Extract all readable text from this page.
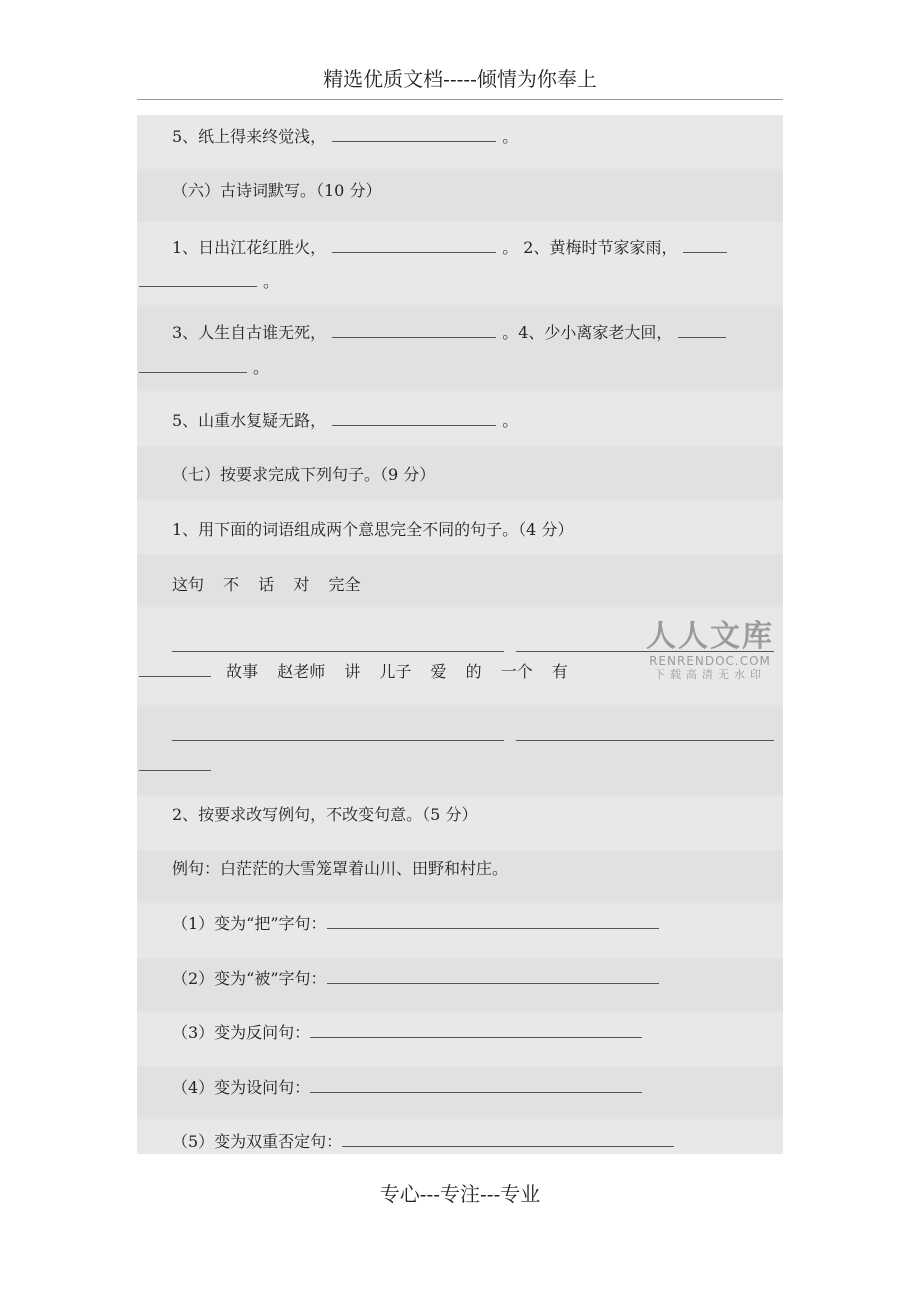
精选优质文档-----倾情为你奉上
5、纸上得来终觉浅，	。
（六）古诗词默写。（10 分）
1、日出江花红胜火，	。 2、黄梅时节家家雨，
。
3、人生自古谁无死，	。4、少小离家老大回，
。
5、山重水复疑无路，	。
（七）按要求完成下列句子。（9 分）
1、用下面的词语组成两个意思完全不同的句子。（4 分）
这句 不 话 对 完全
故事 赵老师 讲 儿子 爱 的 一个 有
人人文库
RENRENDOC.COM
下载高清无水印
2、按要求改写例句，不改变句意。（5 分）
例句：白茫茫的大雪笼罩着山川、田野和村庄。
（1）变为“把”字句：
（2）变为“被”字句：
（3）变为反问句：
（4）变为设问句：
（5）变为双重否定句：
专心---专注---专业
